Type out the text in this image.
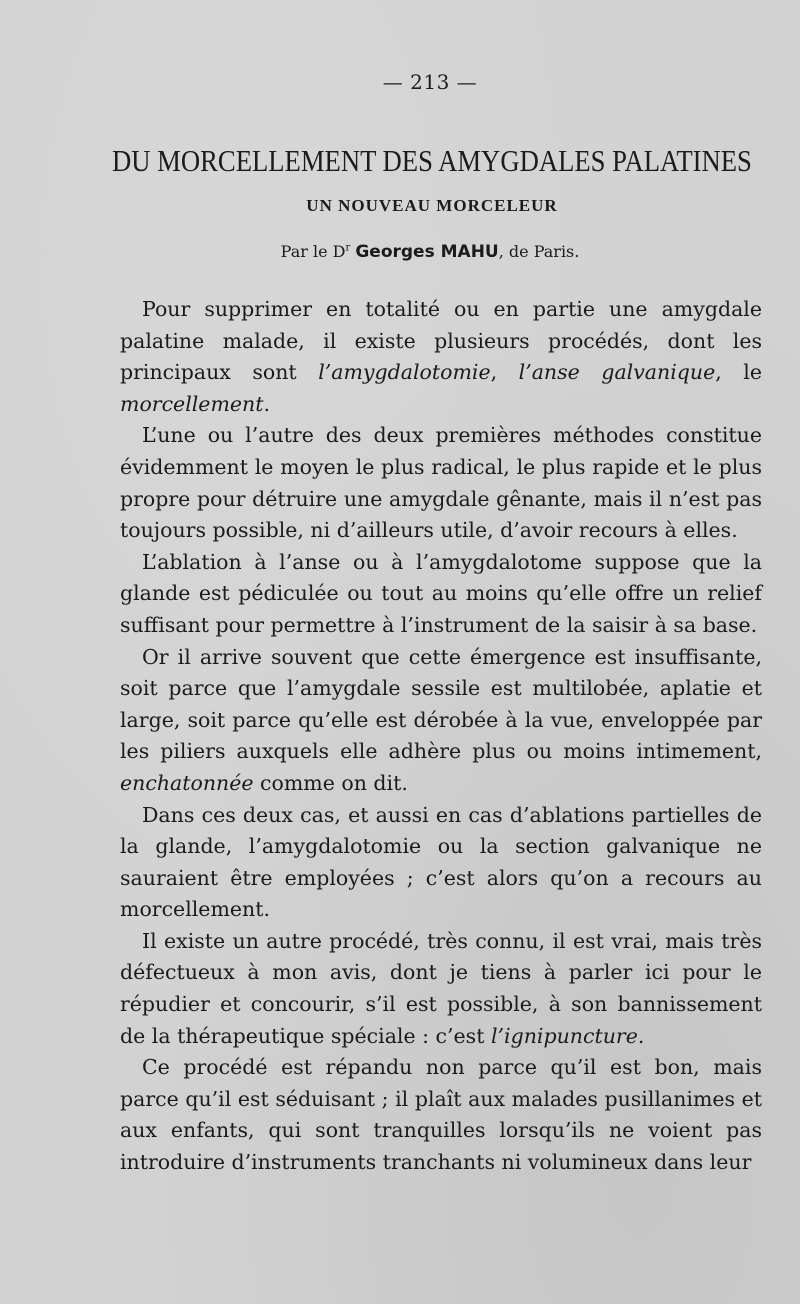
— 213 —
DU MORCELLEMENT DES AMYGDALES PALATINES
UN NOUVEAU MORCELEUR
Par le $D^r$ Georges MAHU, de Paris.

Pour supprimer en totalité ou en partie une amygdale palatine malade, il existe plusieurs procédés, dont les principaux sont l’amygdalotomie, l’anse galvanique, le morcellement.

L’une ou l’autre des deux premières méthodes constitue évidemment le moyen le plus radical, le plus rapide et le plus propre pour détruire une amygdale gênante, mais il n’est pas toujours possible, ni d’ailleurs utile, d’avoir recours à elles.

L’ablation à l’anse ou à l’amygdalotome suppose que la glande est pédiculée ou tout au moins qu’elle offre un relief suffisant pour permettre à l’instrument de la saisir à sa base.

Or il arrive souvent que cette émergence est insuffisante, soit parce que l’amygdale sessile est multilobée, aplatie et large, soit parce qu’elle est dérobée à la vue, enveloppée par les piliers auxquels elle adhère plus ou moins intimement, enchatonnée comme on dit.

Dans ces deux cas, et aussi en cas d’ablations partielles de la glande, l’amygdalotomie ou la section galvanique ne sauraient être employées ; c’est alors qu’on a recours au morcellement.

Il existe un autre procédé, très connu, il est vrai, mais très défectueux à mon avis, dont je tiens à parler ici pour le répudier et concourir, s’il est possible, à son bannissement de la thérapeutique spéciale : c’est l’ignipuncture.

Ce procédé est répandu non parce qu’il est bon, mais parce qu’il est séduisant ; il plaît aux malades pusillanimes et aux enfants, qui sont tranquilles lorsqu’ils ne voient pas introduire d’instruments tranchants ni volumineux dans leur
